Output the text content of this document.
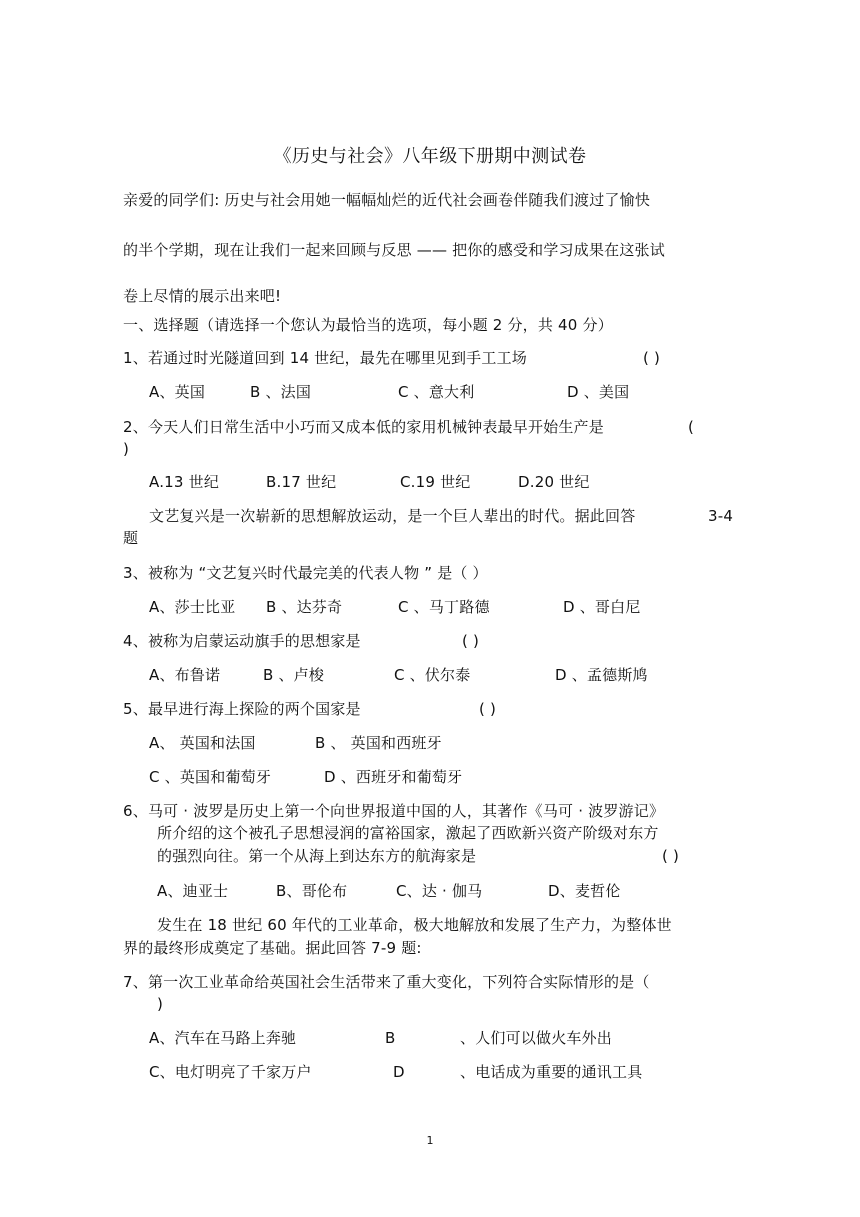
《历史与社会》八年级下册期中测试卷
亲爱的同学们: 历史与社会用她一幅幅灿烂的近代社会画卷伴随我们渡过了愉快
的半个学期，现在让我们一起来回顾与反思 —— 把你的感受和学习成果在这张试
卷上尽情的展示出来吧!
一、选择题（请选择一个您认为最恰当的选项，每小题 2 分，共 40 分）
1、若通过时光隧道回到 14 世纪，最先在哪里见到手工工场	( )
A、英国	B 、法国	C 、意大利	D 、美国
2、今天人们日常生活中小巧而又成本低的家用机械钟表最早开始生产是	(
)
A.13 世纪	B.17 世纪	C.19 世纪	D.20 世纪
文艺复兴是一次崭新的思想解放运动，是一个巨人辈出的时代。据此回答	3-4
题
3、被称为 “文艺复兴时代最完美的代表人物 ” 是（ ）
A、莎士比亚 B 、达芬奇	C 、马丁路德	D 、哥白尼
4、被称为启蒙运动旗手的思想家是	( )
A、布鲁诺	B 、卢梭	C 、伏尔泰	D 、孟德斯鸠
5、最早进行海上探险的两个国家是	( )
A、 英国和法国	B 、 英国和西班牙
C 、英国和葡萄牙	D 、西班牙和葡萄牙
6、马可 · 波罗是历史上第一个向世界报道中国的人，其著作《马可 · 波罗游记》
所介绍的这个被孔子思想浸润的富裕国家，激起了西欧新兴资产阶级对东方
的强烈向往。第一个从海上到达东方的航海家是	( )
A、迪亚士	B、哥伦布	C、达 · 伽马	D、麦哲伦
发生在 18 世纪 60 年代的工业革命，极大地解放和发展了生产力，为整体世
界的最终形成奠定了基础。据此回答 7-9 题:
7、第一次工业革命给英国社会生活带来了重大变化，下列符合实际情形的是（
)
A、汽车在马路上奔驰	B	、人们可以做火车外出
C、电灯明亮了千家万户	D	、电话成为重要的通讯工具
1
